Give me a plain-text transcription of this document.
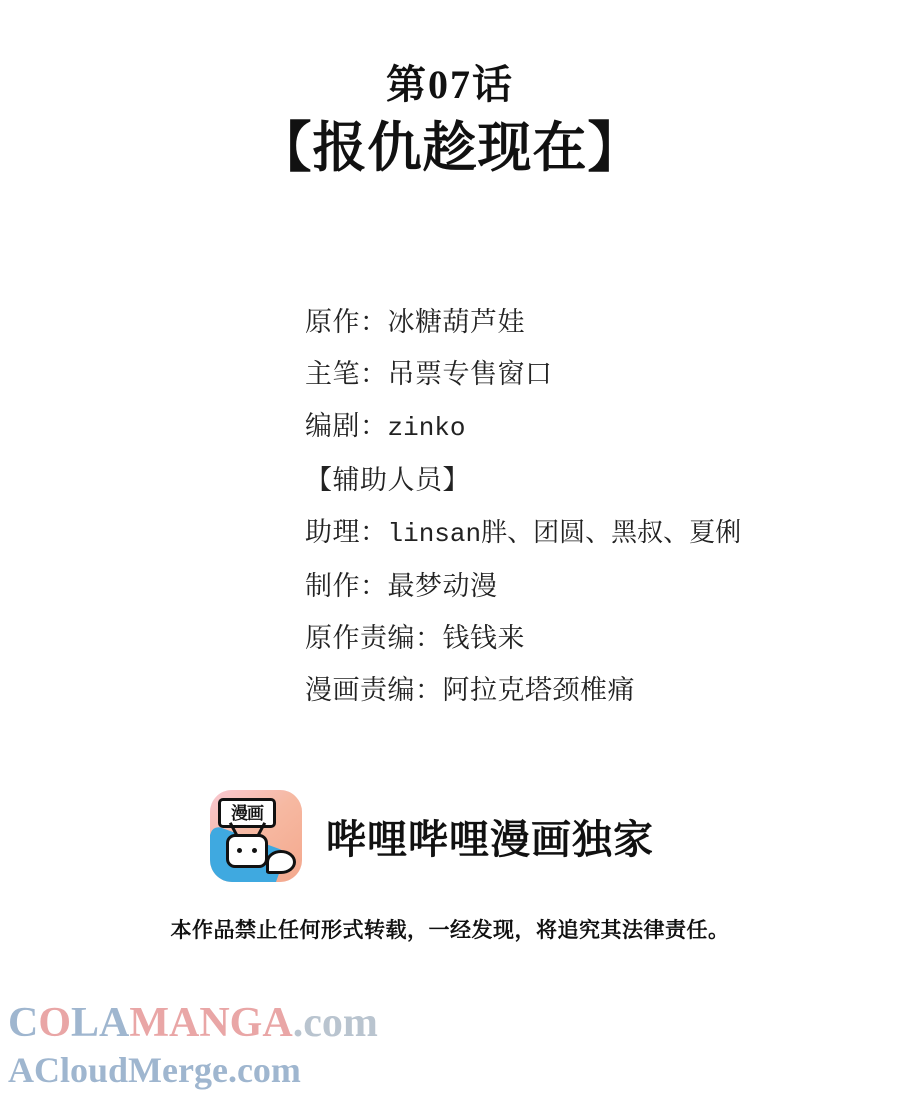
第07话
【报仇趁现在】
原作：冰糖葫芦娃
主笔：吊票专售窗口
编剧：zinko
【辅助人员】
助理：linsan胖、团圆、黑叔、夏俐
制作：最梦动漫
原作责编：钱钱来
漫画责编：阿拉克塔颈椎痛
漫画
哔哩哔哩漫画独家
本作品禁止任何形式转载，一经发现，将追究其法律责任。
COLAMANGA.com
ACloudMerge.com
